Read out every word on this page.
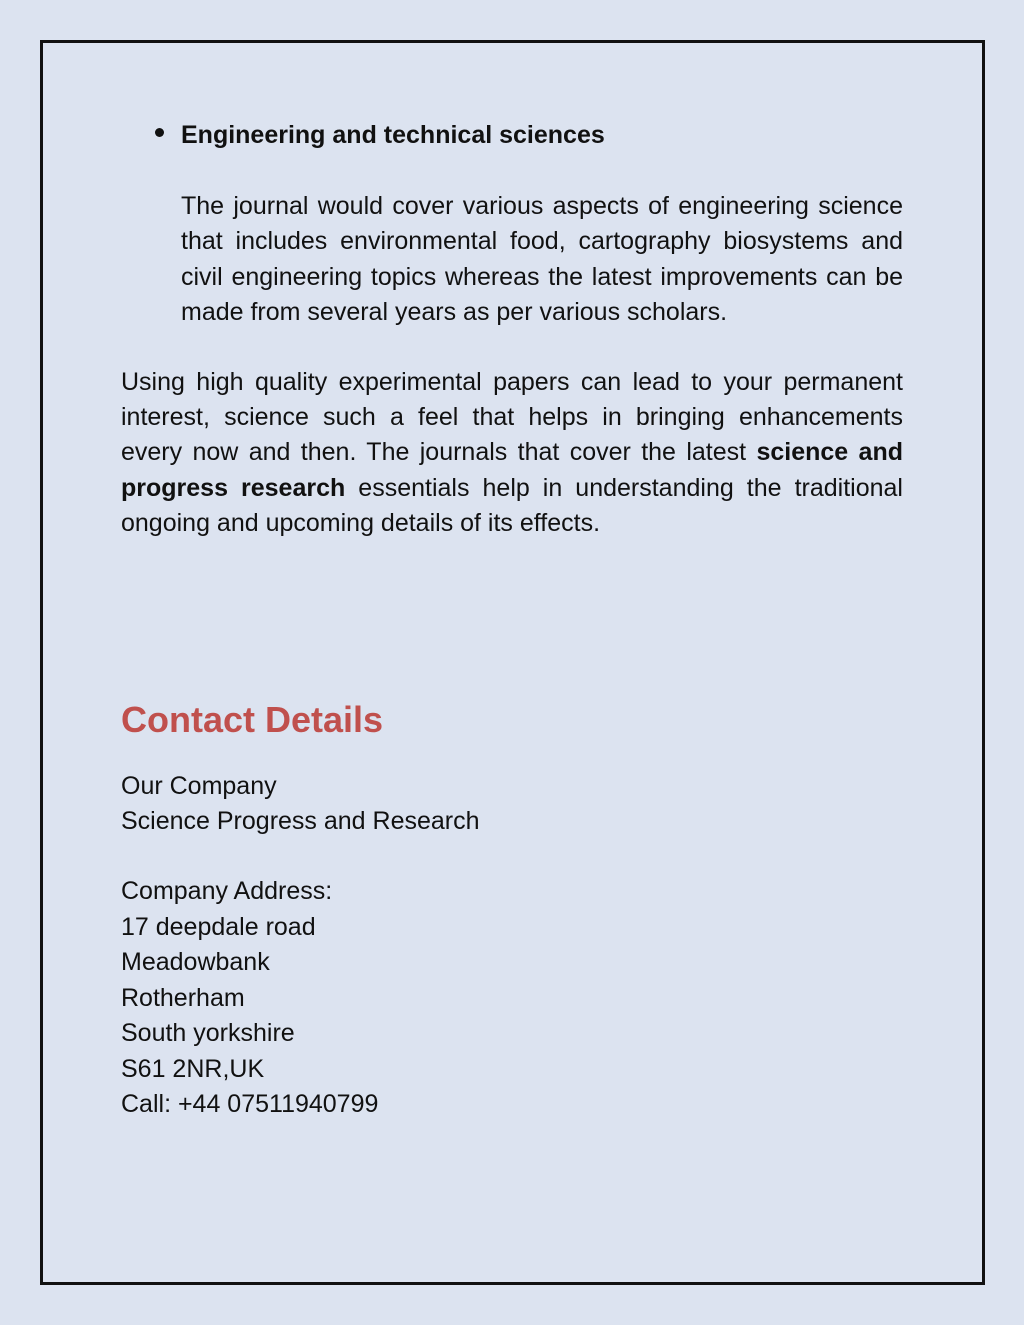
Engineering and technical sciences

The journal would cover various aspects of engineering science that includes environmental food, cartography biosystems and civil engineering topics whereas the latest improvements can be made from several years as per various scholars.

Using high quality experimental papers can lead to your permanent interest, science such a feel that helps in bringing enhancements every now and then. The journals that cover the latest science and progress research essentials help in understanding the traditional ongoing and upcoming details of its effects.

Contact Details
Our Company
Science Progress and Research
Company Address:
17 deepdale road
Meadowbank
Rotherham
South yorkshire
S61 2NR,UK
Call: +44 07511940799
